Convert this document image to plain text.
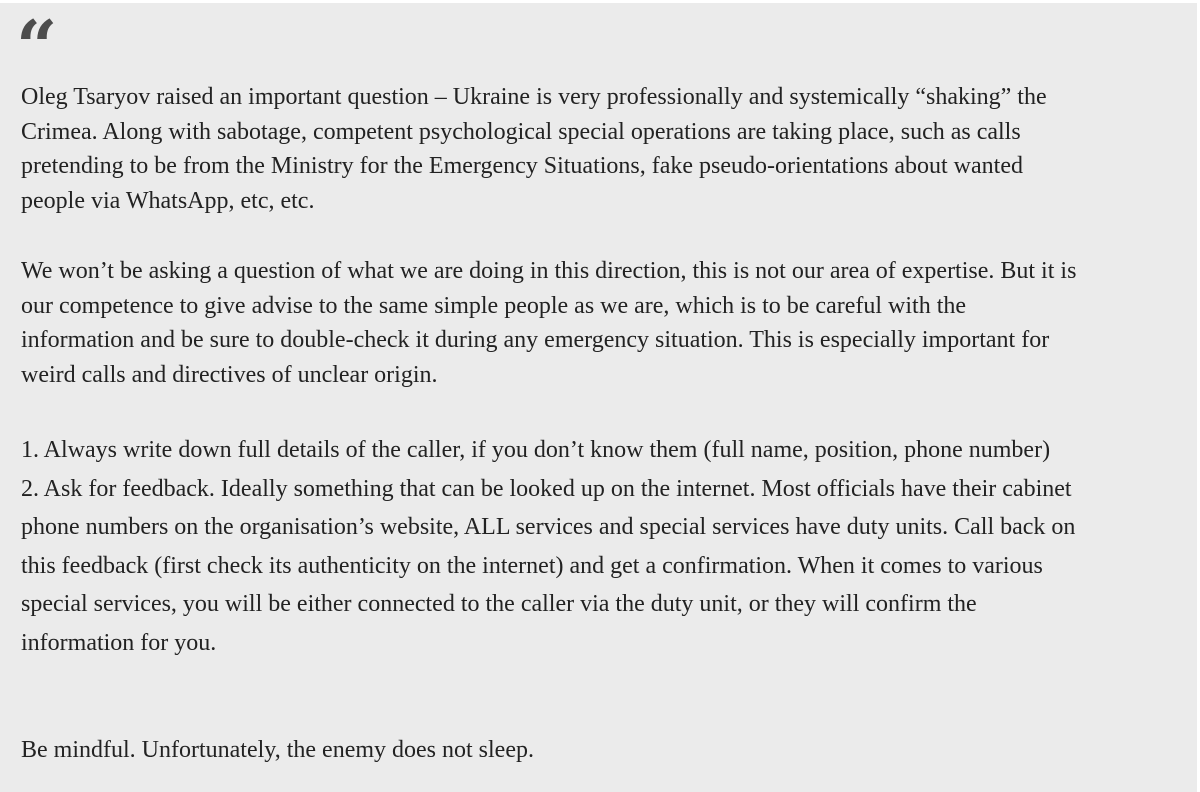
“

Oleg Tsaryov raised an important question – Ukraine is very professionally and systemically “shaking” the
Crimea. Along with sabotage, competent psychological special operations are taking place, such as calls
pretending to be from the Ministry for the Emergency Situations, fake pseudo-orientations about wanted
people via WhatsApp, etc, etc.

We won’t be asking a question of what we are doing in this direction, this is not our area of expertise. But it is
our competence to give advise to the same simple people as we are, which is to be careful with the
information and be sure to double-check it during any emergency situation. This is especially important for
weird calls and directives of unclear origin.

1. Always write down full details of the caller, if you don’t know them (full name, position, phone number)
2. Ask for feedback. Ideally something that can be looked up on the internet. Most officials have their cabinet
phone numbers on the organisation’s website, ALL services and special services have duty units. Call back on
this feedback (first check its authenticity on the internet) and get a confirmation. When it comes to various
special services, you will be either connected to the caller via the duty unit, or they will confirm the
information for you.

Be mindful. Unfortunately, the enemy does not sleep.
